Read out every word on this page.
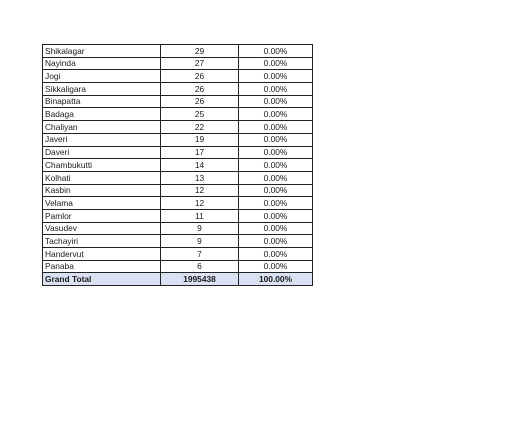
Shikalagar	29	0.00%
Nayinda	27	0.00%
Jogi	26	0.00%
Sikkaligara	26	0.00%
Binapatta	26	0.00%
Badaga	25	0.00%
Chaliyan	22	0.00%
Javeri	19	0.00%
Daveri	17	0.00%
Chambukutti	14	0.00%
Kolhati	13	0.00%
Kasbin	12	0.00%
Velama	12	0.00%
Pamlor	11	0.00%
Vasudev	9	0.00%
Tachayiri	9	0.00%
Handervut	7	0.00%
Panaba	6	0.00%
Grand Total	1995438	100.00%
